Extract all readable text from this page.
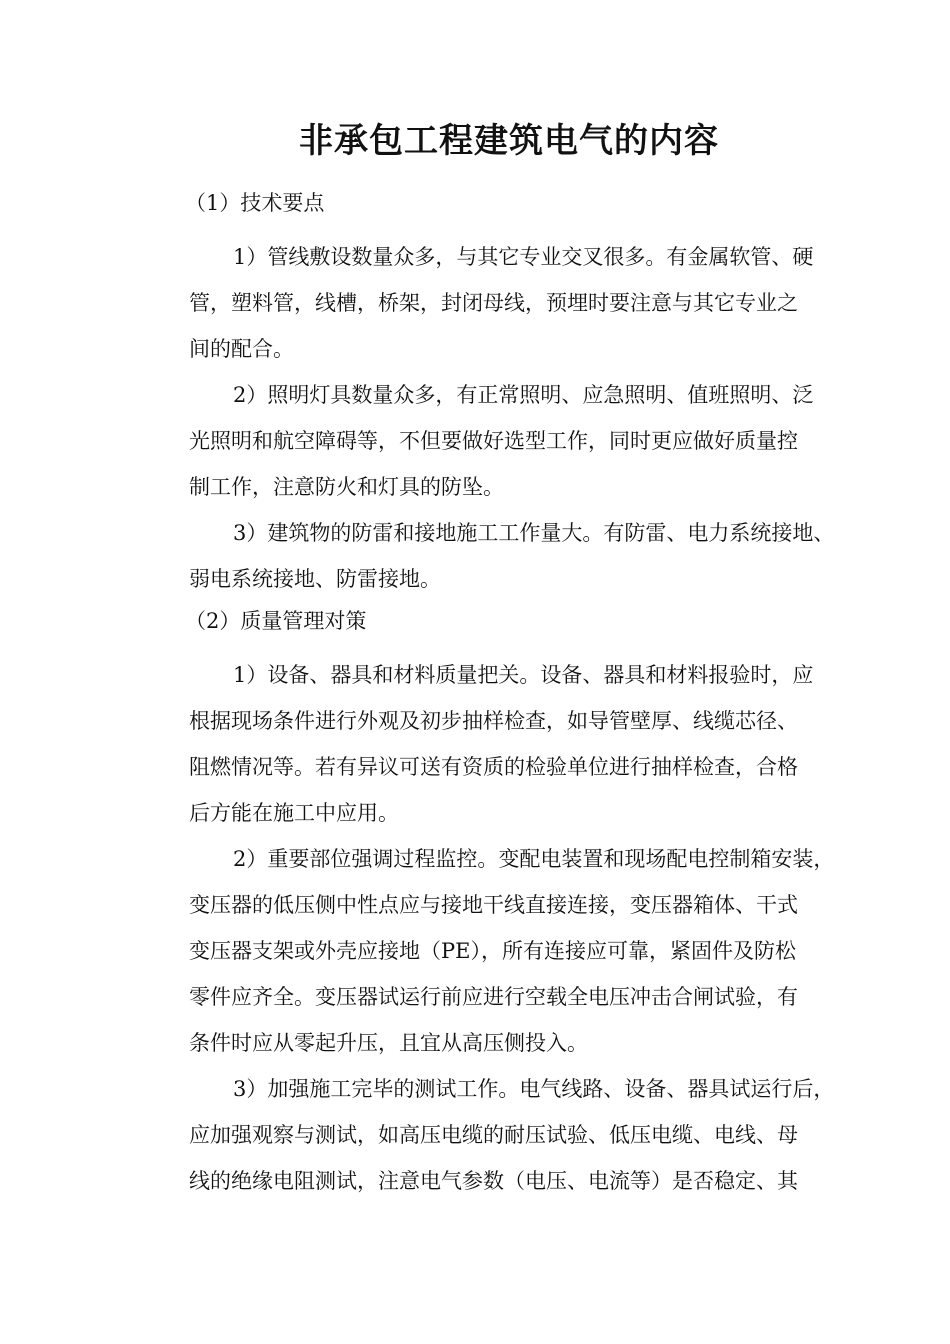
非承包工程建筑电气的内容
（1）技术要点
1）管线敷设数量众多，与其它专业交叉很多。有金属软管、硬
管，塑料管，线槽，桥架，封闭母线，预埋时要注意与其它专业之
间的配合。
2）照明灯具数量众多，有正常照明、应急照明、值班照明、泛
光照明和航空障碍等，不但要做好选型工作，同时更应做好质量控
制工作，注意防火和灯具的防坠。
3）建筑物的防雷和接地施工工作量大。有防雷、电力系统接地、
弱电系统接地、防雷接地。
（2）质量管理对策
1）设备、器具和材料质量把关。设备、器具和材料报验时，应
根据现场条件进行外观及初步抽样检查，如导管壁厚、线缆芯径、
阻燃情况等。若有异议可送有资质的检验单位进行抽样检查，合格
后方能在施工中应用。
2）重要部位强调过程监控。变配电装置和现场配电控制箱安装，
变压器的低压侧中性点应与接地干线直接连接，变压器箱体、干式
变压器支架或外壳应接地（PE），所有连接应可靠，紧固件及防松
零件应齐全。变压器试运行前应进行空载全电压冲击合闸试验，有
条件时应从零起升压，且宜从高压侧投入。
3）加强施工完毕的测试工作。电气线路、设备、器具试运行后，
应加强观察与测试，如高压电缆的耐压试验、低压电缆、电线、母
线的绝缘电阻测试，注意电气参数（电压、电流等）是否稳定、其
